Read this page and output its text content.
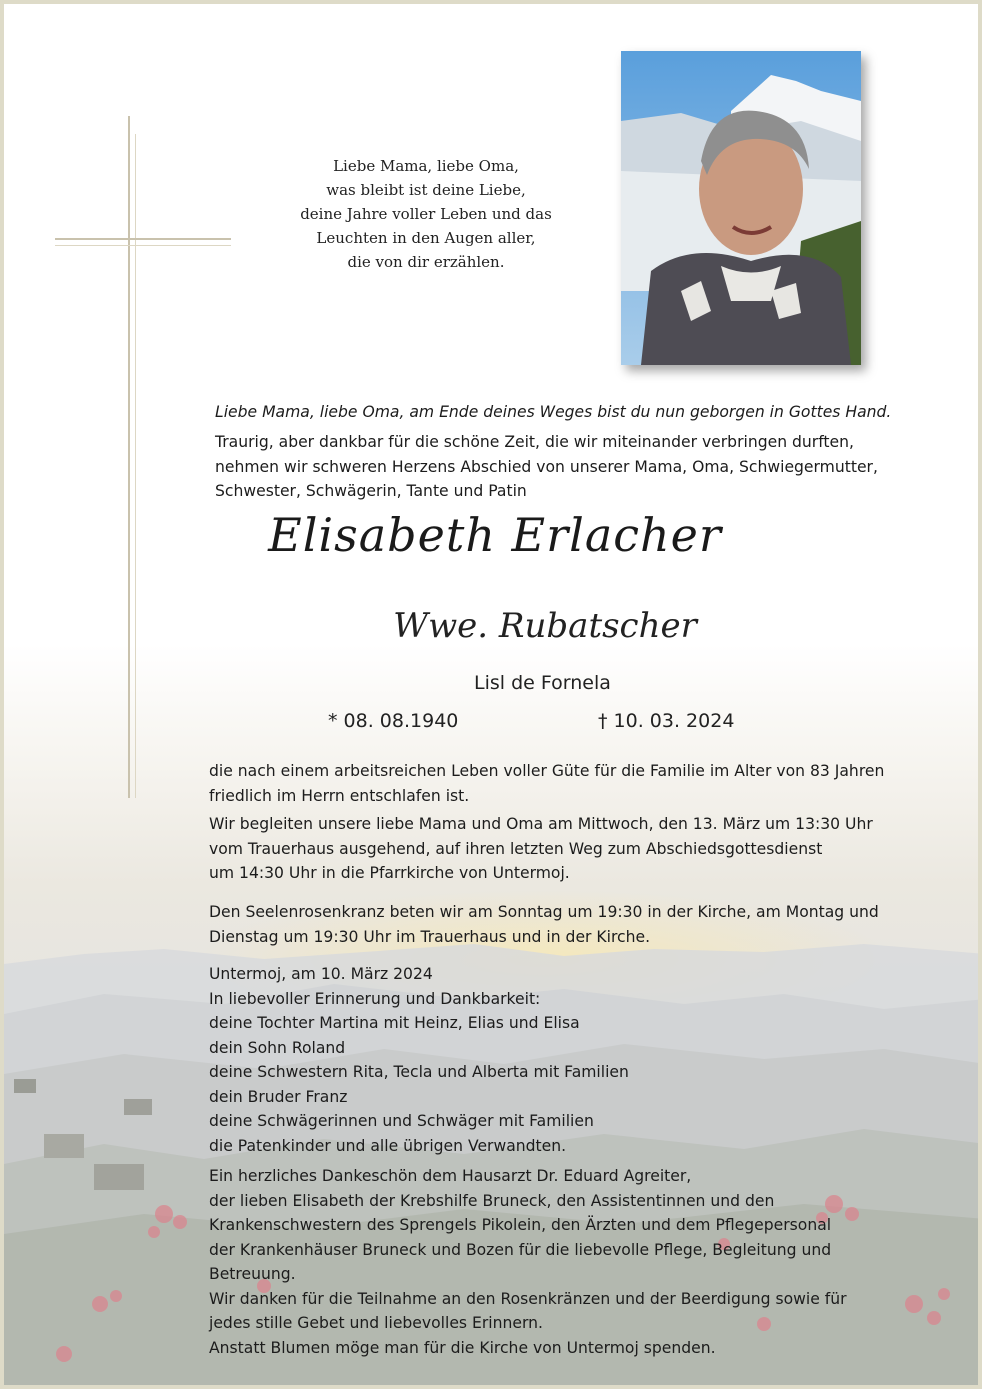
Liebe Mama, liebe Oma,
was bleibt ist deine Liebe,
deine Jahre voller Leben und das
Leuchten in den Augen aller,
die von dir erzählen.
Liebe Mama, liebe Oma, am Ende deines Weges bist du nun geborgen in Gottes Hand.
Traurig, aber dankbar für die schöne Zeit, die wir miteinander verbringen durften,
nehmen wir schweren Herzens Abschied von unserer Mama, Oma, Schwiegermutter,
Schwester, Schwägerin, Tante und Patin
Elisabeth Erlacher
Wwe. Rubatscher
Lisl de Fornela
* 08. 08.1940	† 10. 03. 2024
die nach einem arbeitsreichen Leben voller Güte für die Familie im Alter von 83 Jahren
friedlich im Herrn entschlafen ist.
Wir begleiten unsere liebe Mama und Oma am Mittwoch, den 13. März um 13:30 Uhr
vom Trauerhaus ausgehend, auf ihren letzten Weg zum Abschiedsgottesdienst
um 14:30 Uhr in die Pfarrkirche von Untermoj.
Den Seelenrosenkranz beten wir am Sonntag um 19:30 in der Kirche, am Montag und
Dienstag um 19:30 Uhr im Trauerhaus und in der Kirche.
Untermoj, am 10. März 2024
In liebevoller Erinnerung und Dankbarkeit:
deine Tochter Martina mit Heinz, Elias und Elisa
dein Sohn Roland
deine Schwestern Rita, Tecla und Alberta mit Familien
dein Bruder Franz
deine Schwägerinnen und Schwäger mit Familien
die Patenkinder und alle übrigen Verwandten.
Ein herzliches Dankeschön dem Hausarzt Dr. Eduard Agreiter,
der lieben Elisabeth der Krebshilfe Bruneck, den Assistentinnen und den
Krankenschwestern des Sprengels Pikolein, den Ärzten und dem Pflegepersonal
der Krankenhäuser Bruneck und Bozen für die liebevolle Pflege, Begleitung und
Betreuung.
Wir danken für die Teilnahme an den Rosenkränzen und der Beerdigung sowie für
jedes stille Gebet und liebevolles Erinnern.
Anstatt Blumen möge man für die Kirche von Untermoj spenden.
